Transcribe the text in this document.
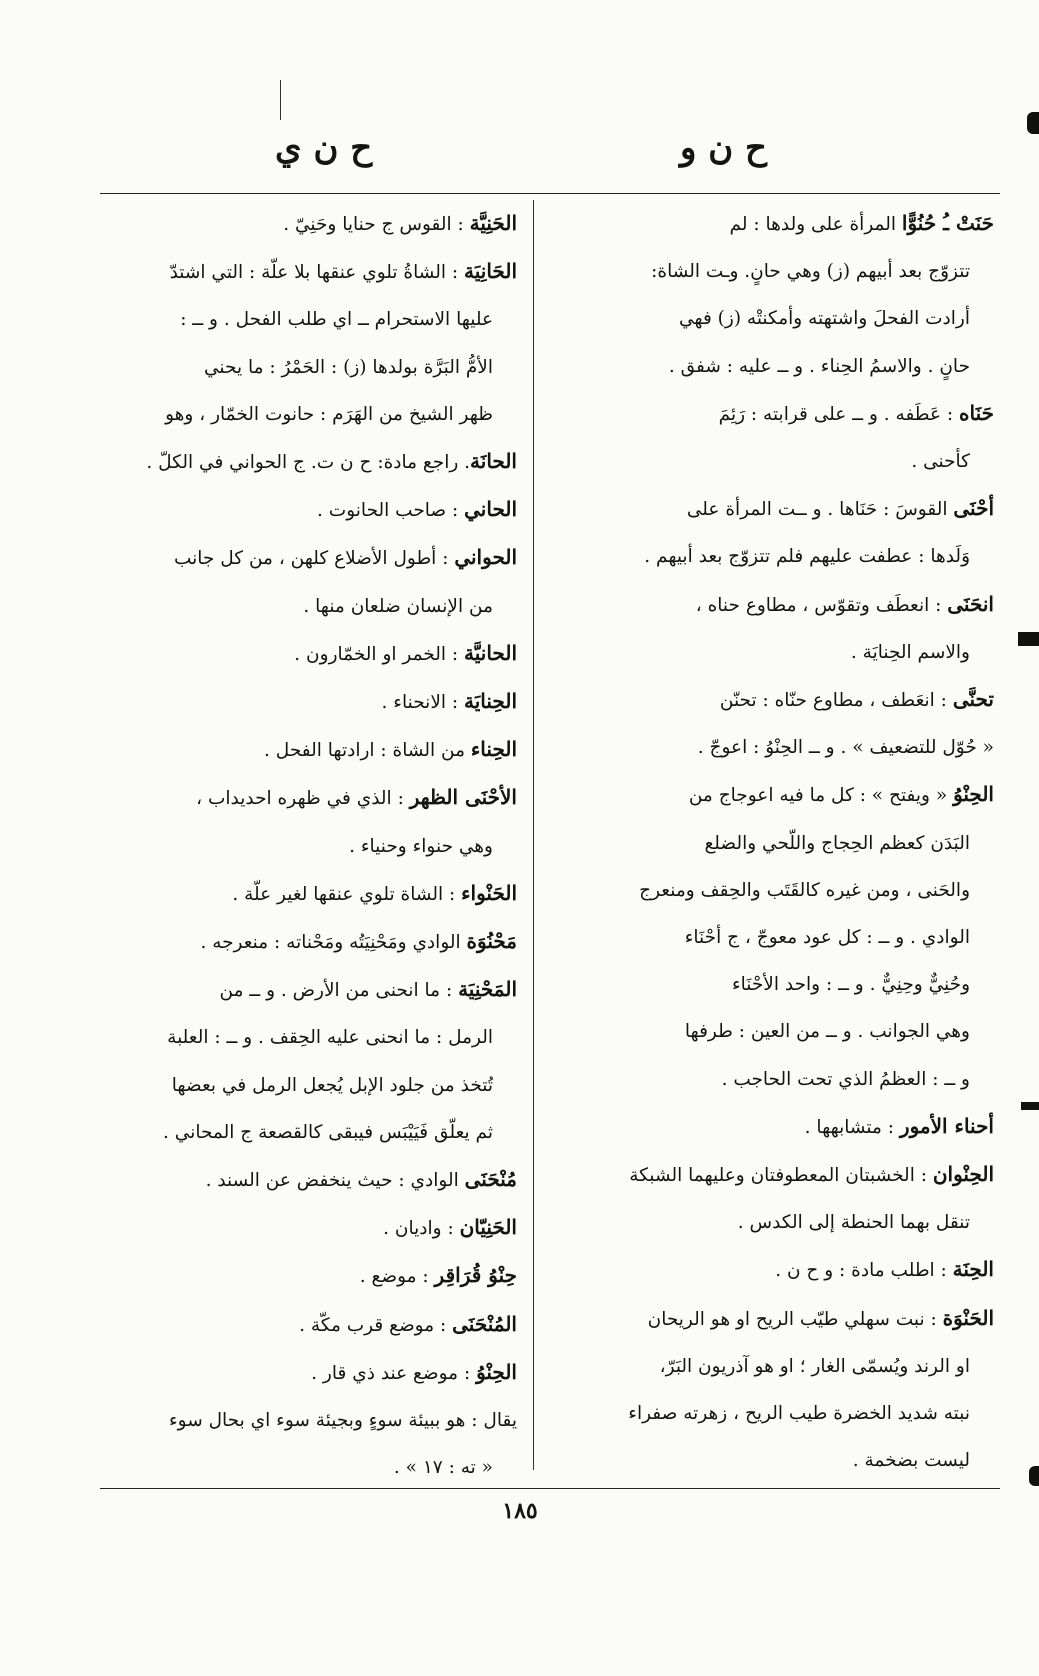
ح ن و
ح ن ي

حَنَتْ ـُ حُنُوًّا المرأة على ولدها : لم

تتزوّج بعد أبيهم (ز) وهي حانٍ. وـت الشاة:

أرادت الفحلَ واشتهته وأمكنتْه (ز) فهي

حانٍ . والاسمُ الحِناء . و ــ عليه : شفق .

حَنَاه : عَطَفه . و ــ على قرابته : رَئِمَ

كأحنى .

أحْنَى القوسَ : حَنَاها . و ــت المرأة على

وَلَدها : عطفت عليهم فلم تتزوّج بعد أبيهم .

انحَنَى : انعطَف وتقوّس ، مطاوع حناه ،

والاسم الحِنايَة .

تحنَّى : انعَطف ، مطاوع حنّاه : تحنّن

« حُوّل للتضعيف » . و ــ الحِنْوُ : اعوجّ .

الحِنْوُ « ويفتح » : كل ما فيه اعوجاج من

البَدَن كعظم الحِجاج واللّحي والضلع

والحَنى ، ومن غيره كالقَتَب والحِقف ومنعرج

الوادي . و ــ : كل عود معوجّ ، ج أحْنَاء

وحُنِيٌّ وحِنِيٌّ . و ــ : واحد الأحْنَاء

وهي الجوانب . و ــ من العين : طرفها

و ــ : العظمُ الذي تحت الحاجب .

أحناء الأمور : متشابهها .

الحِنْوان : الخشبتان المعطوفتان وعليهما الشبكة

تنقل بهما الحنطة إلى الكدس .

الحِنَة : اطلب مادة : و ح ن .

الحَنْوَة : نبت سهلي طيّب الريح او هو الريحان

او الرند ويُسمّى الغار ؛ او هو آذريون البَرّ،

نبته شديد الخضرة طيب الريح ، زهرته صفراء

ليست بضخمة .

الحَنِيَّة : القوس ج حنايا وحَنِيّ .

الحَانِيَة : الشاةُ تلوي عنقها بلا علّة : التي اشتدّ

عليها الاستحرام ــ اي طلب الفحل . و ــ :

الأمُّ البَرَّة بولدها (ز) : الحَمْرُ : ما يحني

ظهر الشيخ من الهَرَم : حانوت الخمّار ، وهو

الحانَة. راجع مادة: ح ن ت. ج الحواني في الكلّ .

الحاني : صاحب الحانوت .

الحواني : أطول الأضلاع كلهن ، من كل جانب

من الإنسان ضلعان منها .

الحانيَّة : الخمر او الخمّارون .

الحِنايَة : الانحناء .

الحِناء من الشاة : ارادتها الفحل .

الأحْنَى الظهر : الذي في ظهره احديداب ،

وهي حنواء وحنياء .

الحَنْواء : الشاة تلوي عنقها لغير علّة .

مَحْنُوَة الوادي ومَحْنِيَتُه ومَحْناته : منعرجه .

المَحْنِيَة : ما انحنى من الأرض . و ــ من

الرمل : ما انحنى عليه الحِقف . و ــ : العلبة

تُتخذ من جلود الإبل يُجعل الرمل في بعضها

ثم يعلّق فَيَيْبَس فيبقى كالقصعة ج المحاني .

مُنْحَنَى الوادي : حيث ينخفض عن السند .

الحَنِيّان : واديان .

حِنْوُ قُرَاقِر : موضع .

المُنْحَنَى : موضع قرب مكّة .

الحِنْوُ : موضع عند ذي قار .

يقال : هو ببيئة سوءٍ وبجيئة سوء اي بحال سوء

« ته : ١٧ » .

١٨٥
